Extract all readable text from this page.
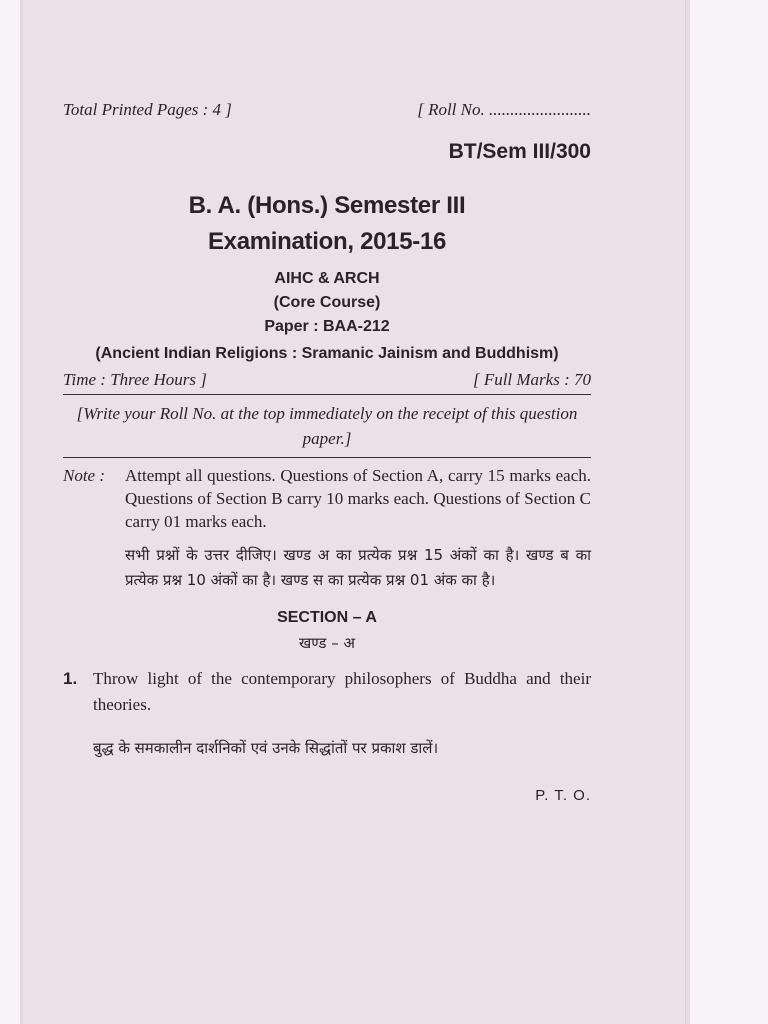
Total Printed Pages : 4 ]	[ Roll No. ........................
BT/Sem III/300
B. A. (Hons.) Semester III
Examination, 2015-16
AIHC & ARCH
(Core Course)
Paper : BAA-212
(Ancient Indian Religions : Sramanic Jainism and Buddhism)
Time : Three Hours ]	[ Full Marks : 70
[Write your Roll No. at the top immediately on the receipt of this question paper.]
Note :	Attempt all questions. Questions of Section A, carry 15 marks each. Questions of Section B carry 10 marks each. Questions of Section C carry 01 marks each.
सभी प्रश्नों के उत्तर दीजिए। खण्ड अ का प्रत्येक प्रश्न 15 अंकों का है। खण्ड ब का प्रत्येक प्रश्न 10 अंकों का है। खण्ड स का प्रत्येक प्रश्न 01 अंक का है।
SECTION – A
खण्ड – अ
1. Throw light of the contemporary philosophers of Buddha and their theories.
बुद्ध के समकालीन दार्शनिकों एवं उनके सिद्धांतों पर प्रकाश डालें।
P. T. O.
